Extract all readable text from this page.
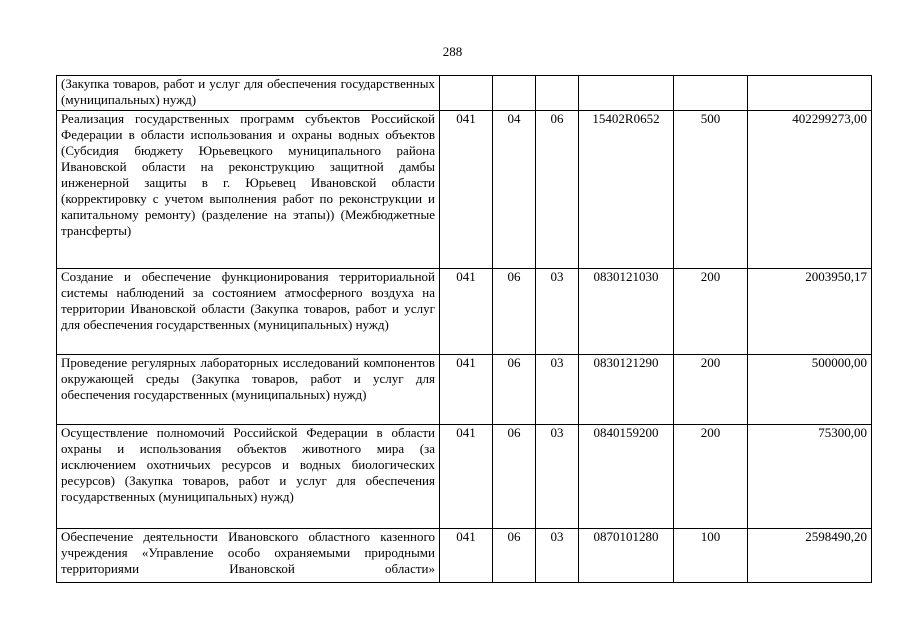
288
(Закупка товаров, работ и услуг для обеспечения государственных (муниципальных) нужд)						
Реализация государственных программ субъектов Российской Федерации в области использования и охраны водных объектов (Субсидия бюджету Юрьевецкого муниципального района Ивановской области на реконструкцию защитной дамбы инженерной защиты в г. Юрьевец Ивановской области (корректировку с учетом выполнения работ по реконструкции и капитальному ремонту) (разделение на этапы)) (Межбюджетные трансферты)	041	04	06	15402R0652	500	402299273,00
Создание и обеспечение функционирования территориальной системы наблюдений за состоянием атмосферного воздуха на территории Ивановской области (Закупка товаров, работ и услуг для обеспечения государственных (муниципальных) нужд)	041	06	03	0830121030	200	2003950,17
Проведение регулярных лабораторных исследований компонентов окружающей среды (Закупка товаров, работ и услуг для обеспечения государственных (муниципальных) нужд)	041	06	03	0830121290	200	500000,00
Осуществление полномочий Российской Федерации в области охраны и использования объектов животного мира (за исключением охотничьих ресурсов и водных биологических ресурсов) (Закупка товаров, работ и услуг для обеспечения государственных (муниципальных) нужд)	041	06	03	0840159200	200	75300,00
Обеспечение деятельности Ивановского областного казенного учреждения «Управление особо охраняемыми природными территориями Ивановской области»	041	06	03	0870101280	100	2598490,20
